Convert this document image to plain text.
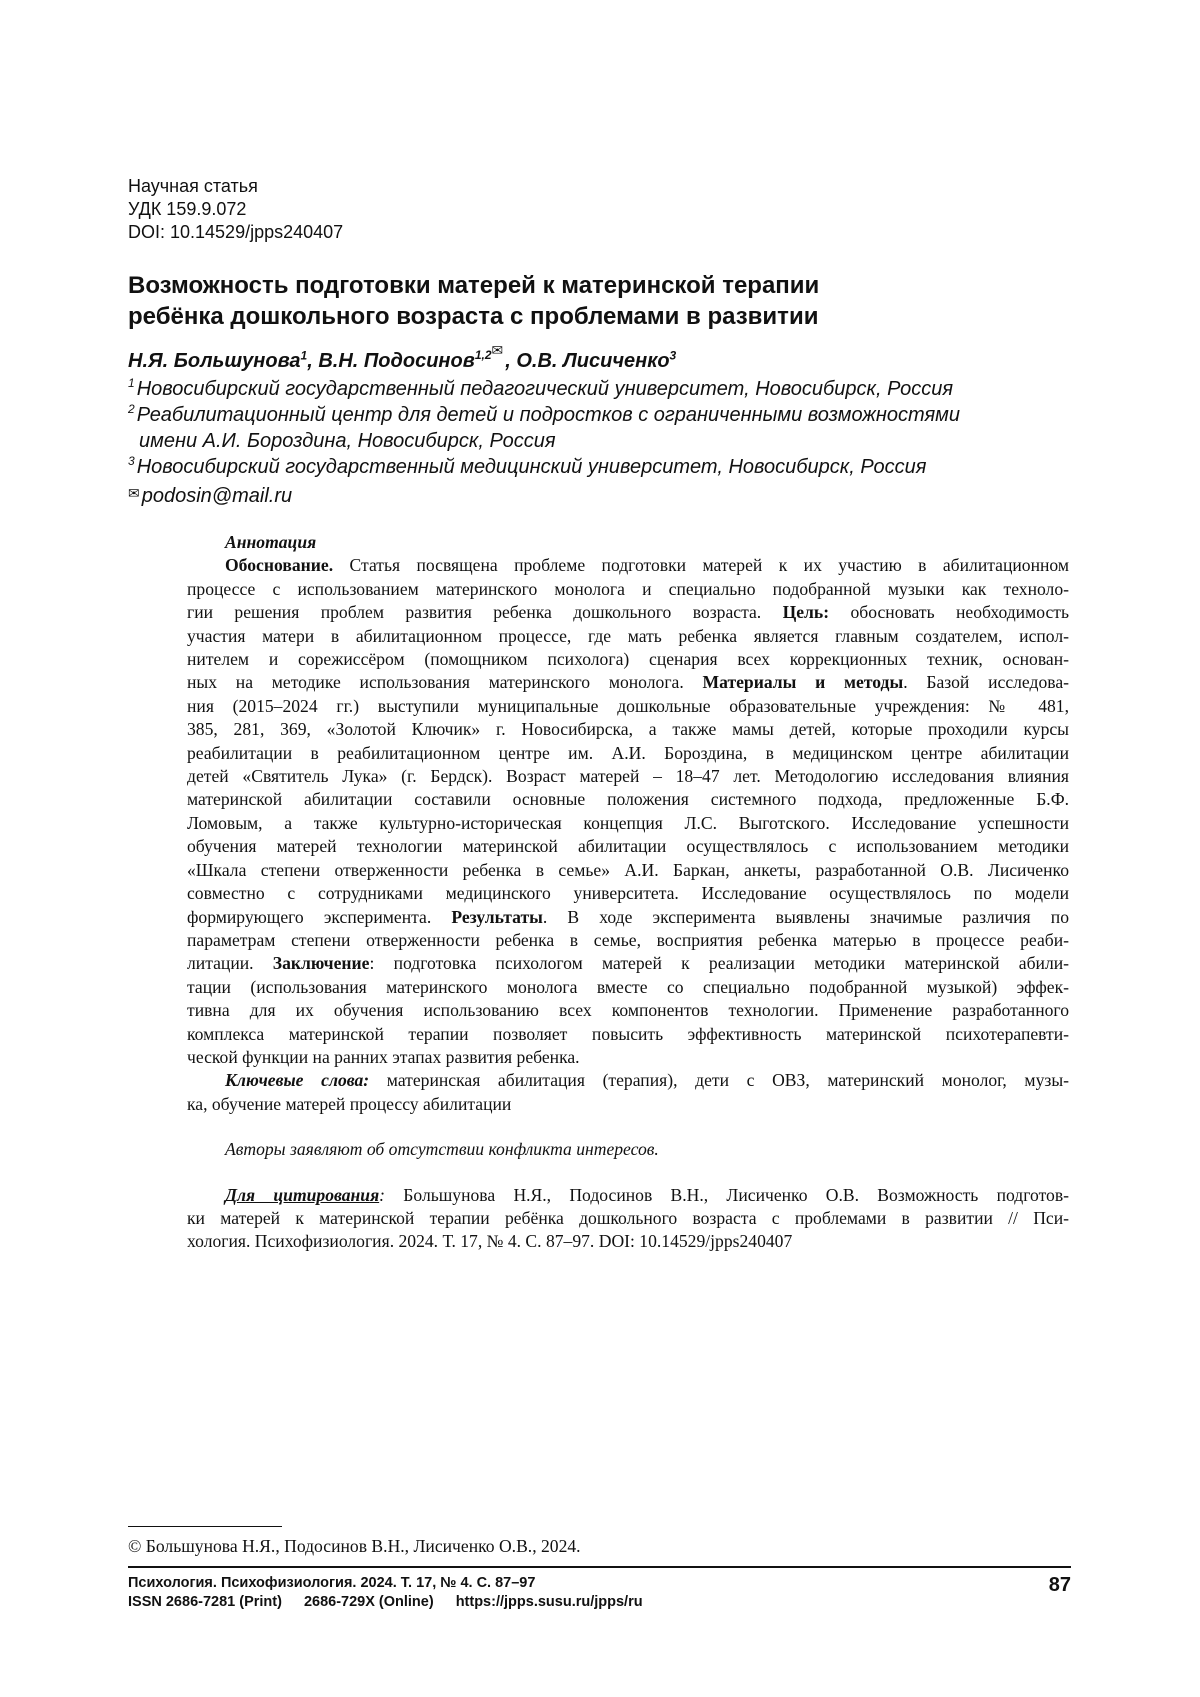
Научная статья
УДК 159.9.072
DOI: 10.14529/jpps240407
Возможность подготовки матерей к материнской терапии
ребёнка дошкольного возраста с проблемами в развитии
Н.Я. Большунова$^1$, В.Н. Подосинов$^{1,2✉}$ , О.В. Лисиченко$^3$
$^1$ Новосибирский государственный педагогический университет, Новосибирск, Россия
$^2$ Реабилитационный центр для детей и подростков с ограниченными возможностями
имени А.И. Бороздина, Новосибирск, Россия
$^3$ Новосибирский государственный медицинский университет, Новосибирск, Россия
✉ podosin@mail.ru
Аннотация
Обоснование. Статья посвящена проблеме подготовки матерей к их участию в абилитационном
процессе с использованием материнского монолога и специально подобранной музыки как техноло-
гии решения проблем развития ребенка дошкольного возраста. Цель: обосновать необходимость
участия матери в абилитационном процессе, где мать ребенка является главным создателем, испол-
нителем и сорежиссёром (помощником психолога) сценария всех коррекционных техник, основан-
ных на методике использования материнского монолога. Материалы и методы. Базой исследова-
ния (2015–2024 гг.) выступили муниципальные дошкольные образовательные учреждения: № 481,
385, 281, 369, «Золотой Ключик» г. Новосибирска, а также мамы детей, которые проходили курсы
реабилитации в реабилитационном центре им. А.И. Бороздина, в медицинском центре абилитации
детей «Святитель Лука» (г. Бердск). Возраст матерей – 18–47 лет. Методологию исследования влияния
материнской абилитации составили основные положения системного подхода, предложенные Б.Ф.
Ломовым, а также культурно-историческая концепция Л.С. Выготского. Исследование успешности
обучения матерей технологии материнской абилитации осуществлялось с использованием методики
«Шкала степени отверженности ребенка в семье» А.И. Баркан, анкеты, разработанной О.В. Лисиченко
совместно с сотрудниками медицинского университета. Исследование осуществлялось по модели
формирующего эксперимента. Результаты. В ходе эксперимента выявлены значимые различия по
параметрам степени отверженности ребенка в семье, восприятия ребенка матерью в процессе реаби-
литации. Заключение: подготовка психологом матерей к реализации методики материнской абили-
тации (использования материнского монолога вместе со специально подобранной музыкой) эффек-
тивна для их обучения использованию всех компонентов технологии. Применение разработанного
комплекса материнской терапии позволяет повысить эффективность материнской психотерапевти-
ческой функции на ранних этапах развития ребенка.
Ключевые слова: материнская абилитация (терапия), дети с ОВЗ, материнский монолог, музы-
ка, обучение матерей процессу абилитации
Авторы заявляют об отсутствии конфликта интересов.
Для цитирования: Большунова Н.Я., Подосинов В.Н., Лисиченко О.В. Возможность подготов-
ки матерей к материнской терапии ребёнка дошкольного возраста с проблемами в развитии // Пси-
хология. Психофизиология. 2024. Т. 17, № 4. С. 87–97. DOI: 10.14529/jpps240407
© Большунова Н.Я., Подосинов В.Н., Лисиченко О.В., 2024.
Психология. Психофизиология. 2024. Т. 17, № 4. С. 87–97
ISSN 2686-7281 (Print) 2686-729X (Online) https://jpps.susu.ru/jpps/ru
87
